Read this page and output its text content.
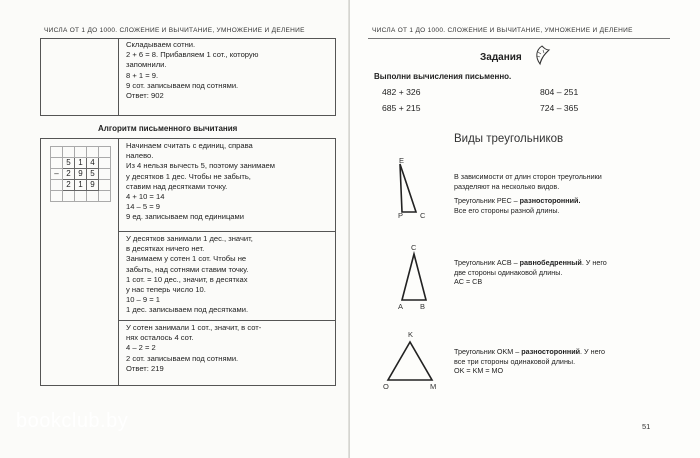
ЧИСЛА ОТ 1 ДО 1000. СЛОЖЕНИЕ И ВЫЧИТАНИЕ, УМНОЖЕНИЕ И ДЕЛЕНИЕ
Складываем сотни.
2 + 6 = 8. Прибавляем 1 сот., которую
запомнили.
8 + 1 = 9.
9 сот. записываем под сотнями.
Ответ: 902
Алгоритм письменного вычитания

	5	1	4	
–	2	9	5	
	2	1	9	

Начинаем считать с единиц, справа
налево.
Из 4 нельзя вычесть 5, поэтому занимаем
у десятков 1 дес. Чтобы не забыть,
ставим над десятками точку.
4 + 10 = 14
14 – 5 = 9
9 ед. записываем под единицами
У десятков занимали 1 дес., значит,
в десятках ничего нет.
Занимаем у сотен 1 сот. Чтобы не
забыть, над сотнями ставим точку.
1 сот. = 10 дес., значит, в десятках
у нас теперь число 10.
10 – 9 = 1
1 дес. записываем под десятками.
У сотен занимали 1 сот., значит, в сот-
нях осталось 4 сот.
4 – 2 = 2
2 сот. записываем под сотнями.
Ответ: 219
ЧИСЛА ОТ 1 ДО 1000. СЛОЖЕНИЕ И ВЫЧИТАНИЕ, УМНОЖЕНИЕ И ДЕЛЕНИЕ
Задания
Выполни вычисления письменно.
482 + 326	804 – 251
685 + 215	724 – 365
Виды треугольников
E
P C
В зависимости от длин сторон треугольники
разделяют на несколько видов.
Треугольник PEC – разносторонний.
Все его стороны разной длины.
C
A B
Треугольник ACB – равнобедренный. У него
две стороны одинаковой длины.
AC = CB
K
O	M
Треугольник OKM – разносторонний. У него
все три стороны одинаковой длины.
OK = KM = MO
51
bookclub.by
